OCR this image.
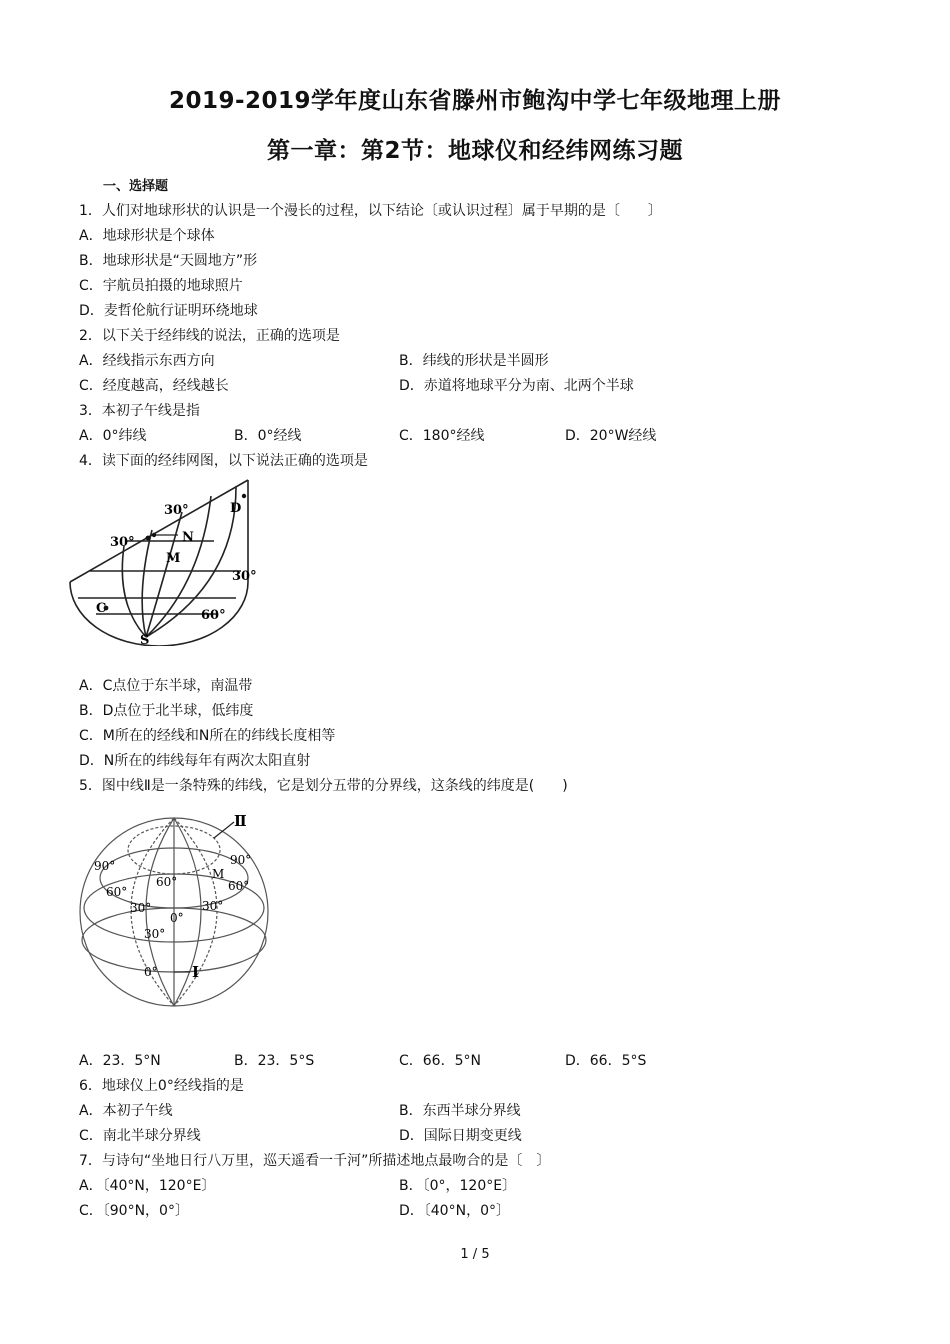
2019-2019学年度山东省滕州市鲍沟中学七年级地理上册
第一章：第2节：地球仪和经纬网练习题
一、选择题
1．人们对地球形状的认识是一个漫长的过程，以下结论〔或认识过程〕属于早期的是〔　　〕
A．地球形状是个球体
B．地球形状是“天圆地方”形
C．宇航员拍摄的地球照片
D．麦哲伦航行证明环绕地球
2．以下关于经纬线的说法，正确的选项是
A．经线指示东西方向	B．纬线的形状是半圆形
C．经度越高，经线越长	D．赤道将地球平分为南、北两个半球
3．本初子午线是指
A．0°纬线	B．0°经线	C．180°经线	D．20°W经线
4．读下面的经纬网图，以下说法正确的选项是
30°
30°
30°
60°
N
M
D
C
S
A．C点位于东半球，南温带
B．D点位于北半球，低纬度
C．M所在的经线和N所在的纬线长度相等
D．N所在的纬线每年有两次太阳直射
5．图中线Ⅱ是一条特殊的纬线，它是划分五带的分界线，这条线的纬度是(　　)
Ⅱ
Ⅰ
M
90°	90°
60°
60°	60°
30°	30°
30°
0°
0°
A．23．5°N	B．23．5°S	C．66．5°N	D．66．5°S
6．地球仪上0°经线指的是
A．本初子午线	B．东西半球分界线
C．南北半球分界线	D．国际日期变更线
7．与诗句“坐地日行八万里，巡天遥看一千河”所描述地点最吻合的是〔　〕
A．〔40°N，120°E〕	B．〔0°，120°E〕
C．〔90°N，0°〕	D．〔40°N，0°〕
1 / 5
